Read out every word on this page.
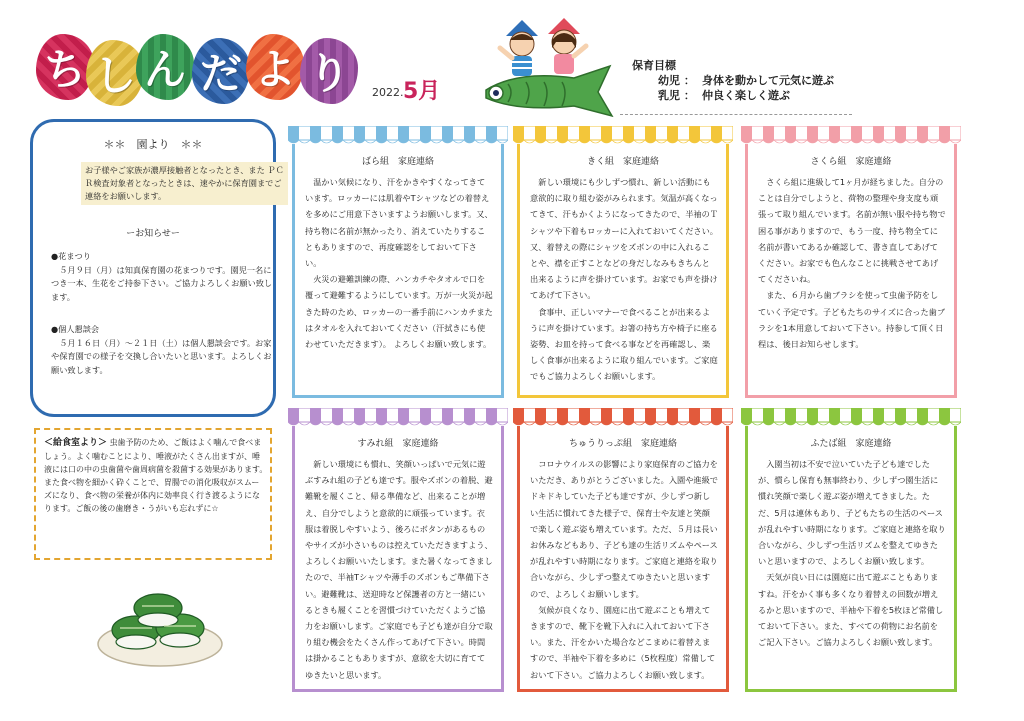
ち し ん だ よ り	2022. 5月
保育目標
幼児 ： 身体を動かして元気に遊ぶ
乳児 ： 仲良く楽しく遊ぶ
＊＊　園より　＊＊
お子様やご家族が濃厚接触者となったとき、また ＰＣＲ検査対象者となったときは、速やかに保育園までご連絡をお願いします。
ーお知らせー
●花まつり
５月９日（月）は知真保育園の花まつりです。園児一名につき一本、生花をご持参下さい。ご協力よろしくお願い致します。
●個人懇談会
５月１６日（月）～２１日（土）は個人懇談会です。お家や保育園での様子を交換し合いたいと思います。よろしくお願い致します。
＜給食室より＞ 虫歯予防のため、ご飯はよく噛んで食べましょう。よく噛むことにより、唾液がたくさん出ますが、唾液には口の中の虫歯菌や歯周病菌を殺菌する効果があります。　また食べ物を細かく砕くことで、胃腸での消化吸収がスムーズになり、食べ物の栄養が体内に効率良く行き渡るようになります。ご飯の後の歯磨き・うがいも忘れずに☆
ばら組　家庭連絡

温かい気候になり、汗をかきやすくなってきています。ロッカーには肌着やTシャツなどの着替えを多めにご用意下さいますようお願いします。又、持ち物に名前が無かったり、消えていたりすることもありますので、再度確認をしておいて下さい。

火災の避難訓練の際、ハンカチやタオルで口を覆って避難するようにしています。万が一火災が起きた時のため、ロッカーの一番手前にハンカチまたはタオルを入れておいてください（汗拭きにも使わせていただきます）。 よろしくお願い致します。

きく組　家庭連絡

新しい環境にも少しずつ慣れ、新しい活動にも意欲的に取り組む姿がみられます。気温が高くなってきて、汗もかくようになってきたので、半袖のＴ シャツや下着もロッカーに入れておいてください。又、着替えの際にシャツをズボンの中に入れることや、襟を正すことなどの身だしなみもきちんと出来るように声を掛けています。お家でも声を掛けてあげて下さい。

食事中、正しいマナーで食べることが出来るように声を掛けています。お箸の持ち方や椅子に座る姿勢、お皿を持って食べる事などを再確認し、楽しく食事が出来るように取り組んでいます。ご家庭でもご協力よろしくお願いします。

さくら組　家庭連絡

さくら組に進級して1ヶ月が経ちました。自分のことは自分でしようと、荷物の整理や身支度も頑張って取り組んでいます。名前が無い服や持ち物で困る事がありますので、もう一度、持ち物全てに名前が書いてあるか確認して、書き直してあげてください。お家でも色んなことに挑戦させてあげてくださいね。

また、６月から歯ブラシを使って虫歯予防をしていく予定です。子どもたちのサイズに合った歯ブラシを1本用意しておいて下さい。持参して頂く日程は、後日お知らせします。

すみれ組　家庭連絡

新しい環境にも慣れ、笑顔いっぱいで元気に遊ぶすみれ組の子ども達です。服やズボンの着脱、避難靴を履くこと、帰る準備など、出来ることが増え、自分でしようと意欲的に頑張っています。衣服は着脱しやすいよう、後ろにボタンがあるものやサイズが小さいものは控えていただきますよう、よろしくお願いいたします。また暑くなってきましたので、半袖Tシャツや薄手のズボンもご準備下さい。避難靴は、送迎時など保護者の方と一緒にいるときも履くことを習慣づけていただくようご協力をお願いします。ご家庭でも子ども達が自分で取り組む機会をたくさん作ってあげて下さい。時間は掛かることもありますが、意欲を大切に育ててゆきたいと思います。

ちゅうりっぷ組　家庭連絡

コロナウイルスの影響により家庭保育のご協力をいただき、ありがとうございました。入園や進級でドキドキしていた子ども達ですが、少しずつ新しい生活に慣れてきた様子で、保育士や友達と笑顔で楽しく遊ぶ姿も増えています。ただ、５月は長いお休みなどもあり、子ども達の生活リズムやペースが乱れやすい時期になります。ご家庭と連絡を取り合いながら、少しずつ整えてゆきたいと思いますので、よろしくお願いします。

気候が良くなり、園庭に出て遊ぶことも増えてきますので、靴下を靴下入れに入れておいて下さい。また、汗をかいた場合などこまめに着替えますので、半袖や下着を多めに（5枚程度）常備しておいて下さい。ご協力よろしくお願い致します。

ふたば組　家庭連絡

入園当初は不安で泣いていた子ども達でしたが、慣らし保育も無事終わり、少しずつ園生活に慣れ笑顔で楽しく遊ぶ姿が増えてきました。ただ、5月は連休もあり、子どもたちの生活のペースが乱れやすい時期になります。ご家庭と連絡を取り合いながら、少しずつ生活リズムを整えてゆきたいと思いますので、よろしくお願い致します。

天気が良い日には園庭に出て遊ぶこともありますね。汗をかく事も多くなり着替えの回数が増えるかと思いますので、半袖や下着を5枚ほど常備しておいて下さい。また、すべての荷物にお名前をご記入下さい。ご協力よろしくお願い致します。
